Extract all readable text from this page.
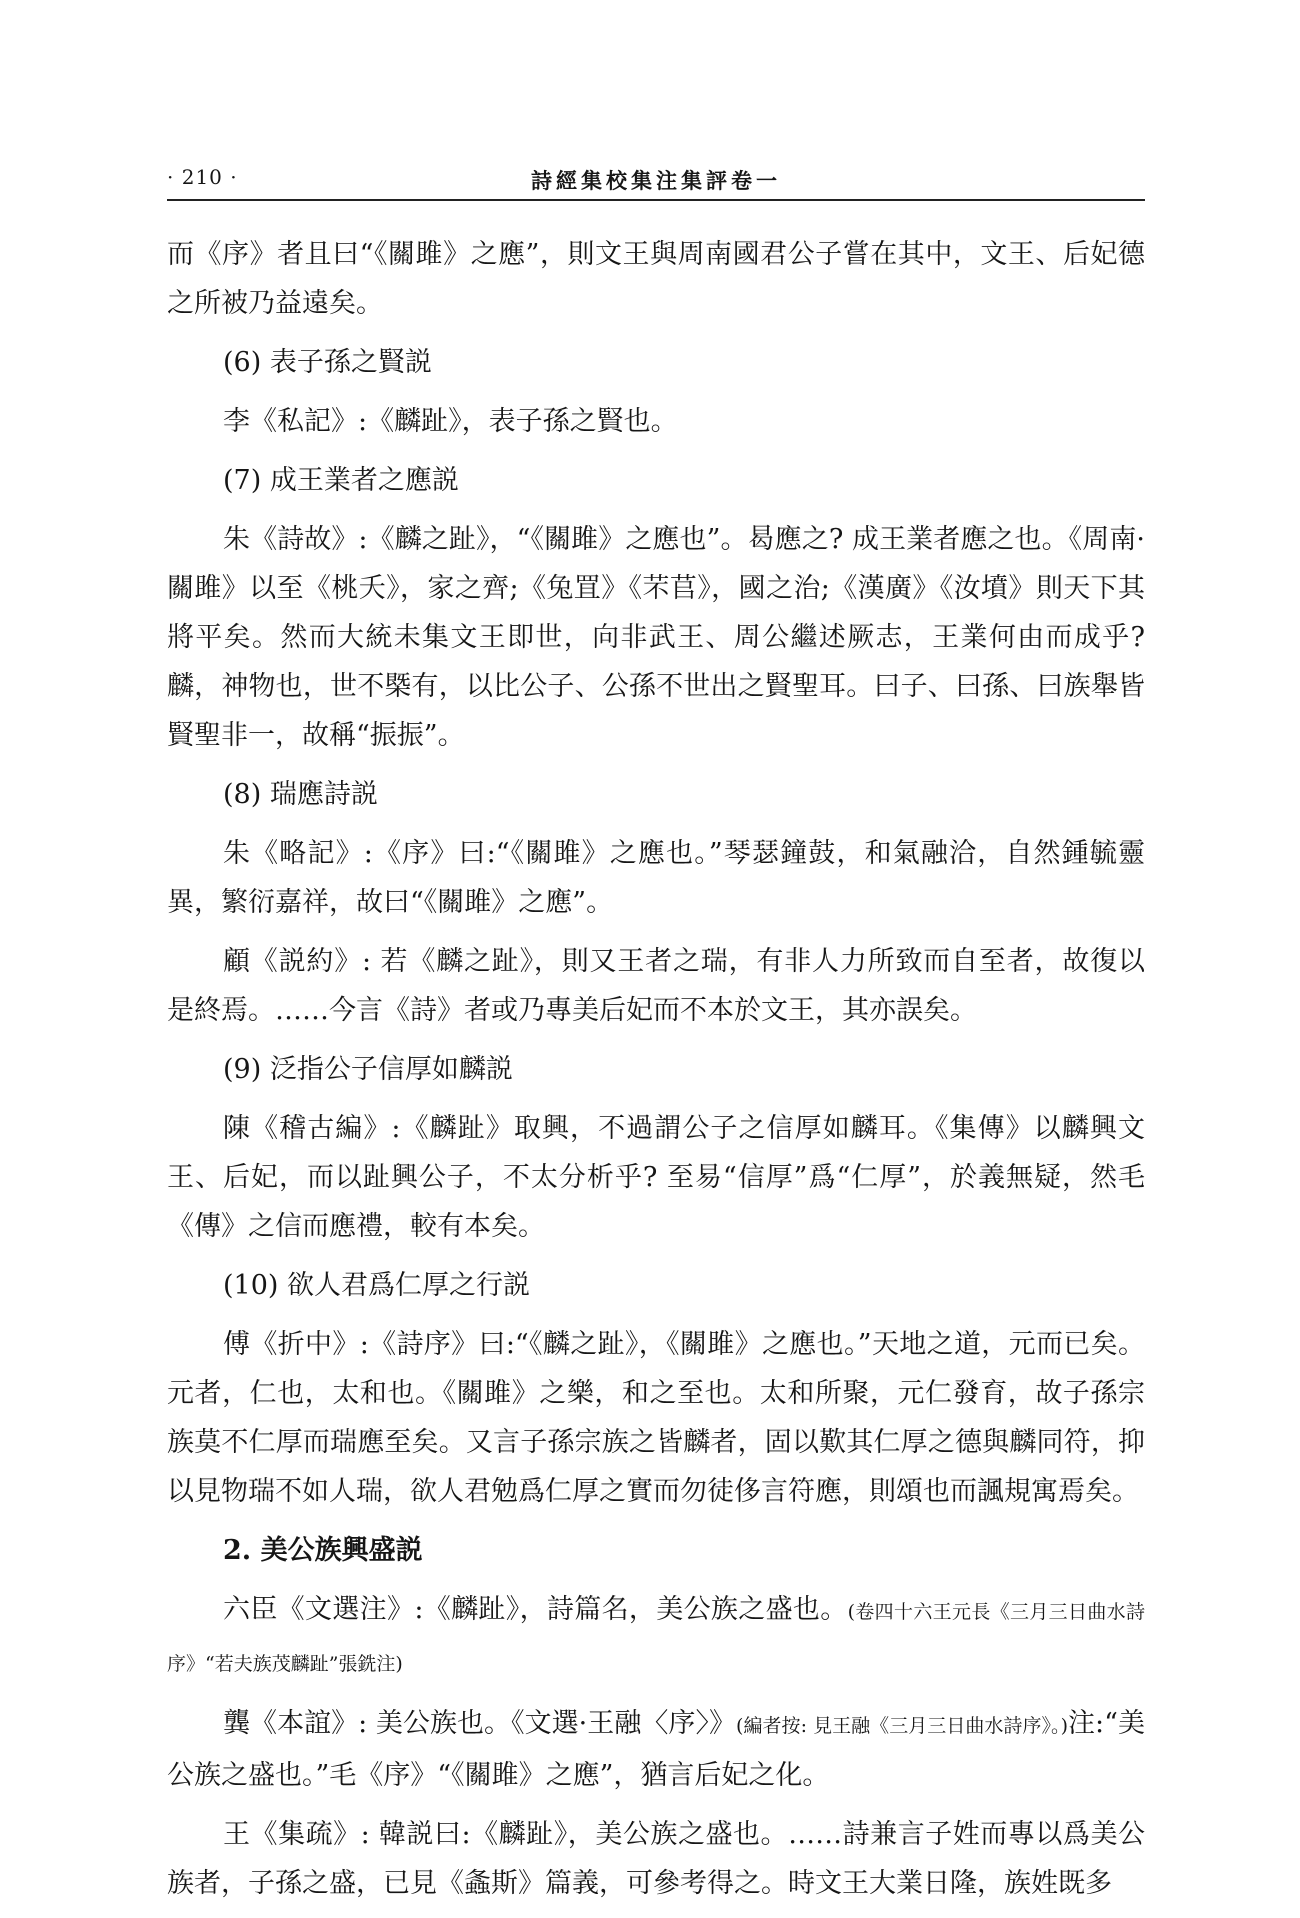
· 210 ·	詩經集校集注集評卷一

而《序》者且曰“《關雎》之應”，則文王與周南國君公子嘗在其中，文王、后妃德之所被乃益遠矣。

(6) 表子孫之賢説

李《私記》:《麟趾》，表子孫之賢也。

(7) 成王業者之應説

朱《詩故》:《麟之趾》，“《關雎》之應也”。曷應之? 成王業者應之也。《周南·關雎》以至《桃夭》，家之齊;《兔罝》《芣苢》，國之治;《漢廣》《汝墳》則天下其將平矣。然而大統未集文王即世，向非武王、周公繼述厥志，王業何由而成乎? 麟，神物也，世不槩有，以比公子、公孫不世出之賢聖耳。曰子、曰孫、曰族舉皆賢聖非一，故稱“振振”。

(8) 瑞應詩説

朱《略記》:《序》曰:“《關雎》之應也。”琴瑟鐘鼓，和氣融洽，自然鍾毓靈異，繁衍嘉祥，故曰“《關雎》之應”。

顧《説約》: 若《麟之趾》，則又王者之瑞，有非人力所致而自至者，故復以是終焉。……今言《詩》者或乃專美后妃而不本於文王，其亦誤矣。

(9) 泛指公子信厚如麟説

陳《稽古編》:《麟趾》取興，不過謂公子之信厚如麟耳。《集傳》以麟興文王、后妃，而以趾興公子，不太分析乎? 至易“信厚”爲“仁厚”，於義無疑，然毛《傳》之信而應禮，較有本矣。

(10) 欲人君爲仁厚之行説

傅《折中》:《詩序》曰:“《麟之趾》，《關雎》之應也。”天地之道，元而已矣。元者，仁也，太和也。《關雎》之樂，和之至也。太和所聚，元仁發育，故子孫宗族莫不仁厚而瑞應至矣。又言子孫宗族之皆麟者，固以歎其仁厚之德與麟同符，抑以見物瑞不如人瑞，欲人君勉爲仁厚之實而勿徒侈言符應，則頌也而諷規寓焉矣。

2. 美公族興盛説

六臣《文選注》:《麟趾》，詩篇名，美公族之盛也。(卷四十六王元長《三月三日曲水詩序》“若夫族茂麟趾”張銑注)

龔《本誼》: 美公族也。《文選·王融〈序〉》(編者按: 見王融《三月三日曲水詩序》。)注:“美公族之盛也。”毛《序》“《關雎》之應”，猶言后妃之化。

王《集疏》: 韓説曰:《麟趾》，美公族之盛也。……詩兼言子姓而專以爲美公族者，子孫之盛，已見《螽斯》篇義，可參考得之。時文王大業日隆，族姓既多
